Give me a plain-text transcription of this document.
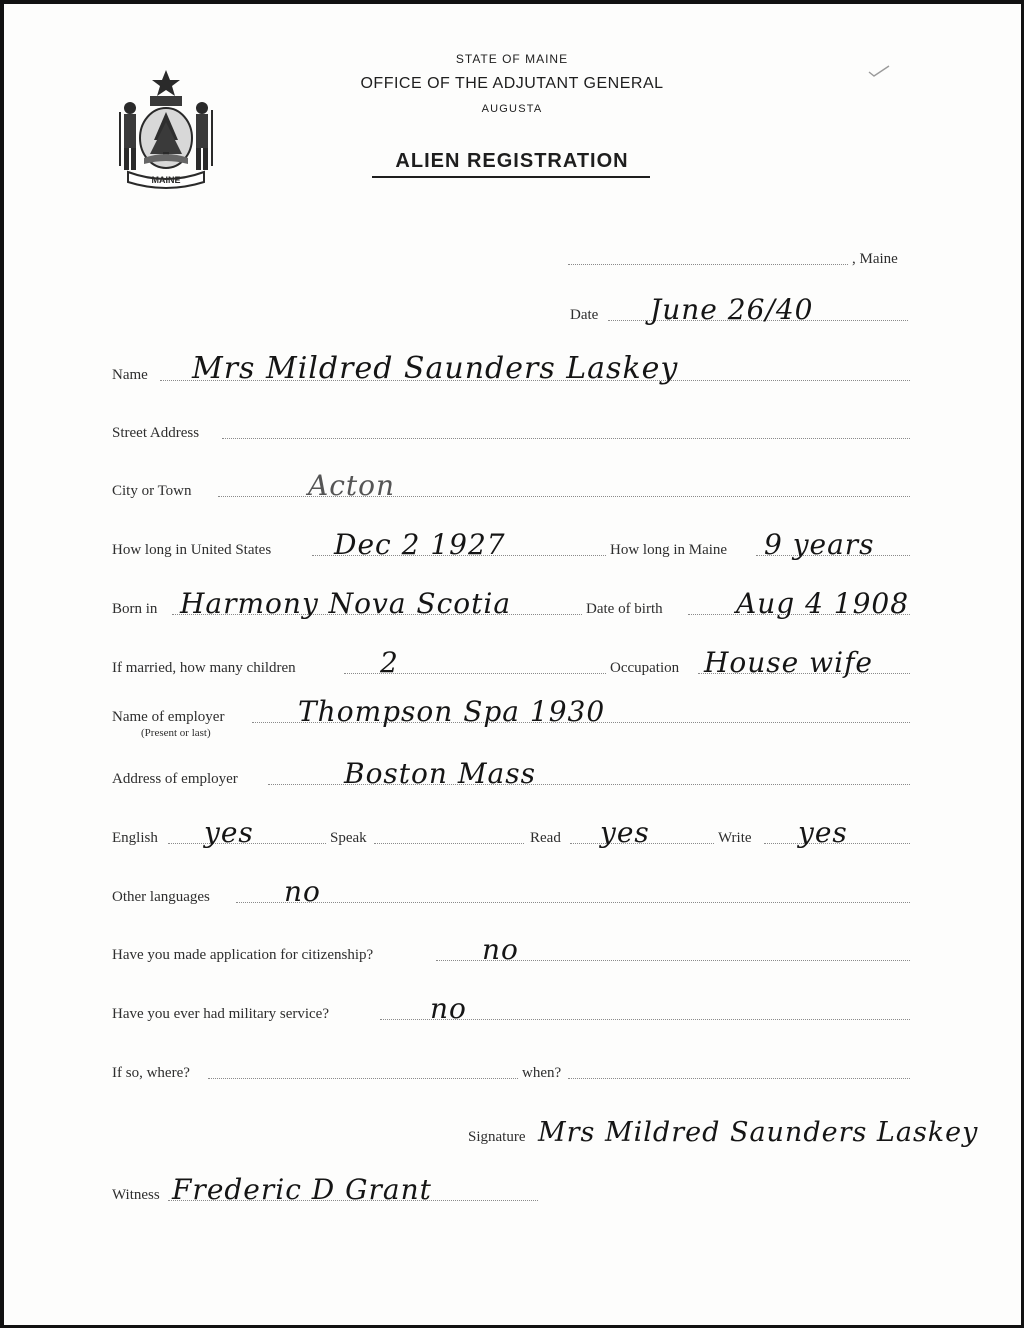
MAINE
STATE OF MAINE
OFFICE OF THE ADJUTANT GENERAL
AUGUSTA
ALIEN REGISTRATION
, Maine
Date June 26/40
Name Mrs Mildred Saunders Laskey
Street Address
City or Town	Acton
How long in United States Dec 2 1927	How long in Maine 9 years
Born in Harmony Nova Scotia	Date of birth	Aug 4 1908
If married, how many children	2	Occupation House wife
Name of employer	Thompson Spa 1930
(Present or last)
Address of employer	Boston Mass
English yes	Speak	Read yes	Write yes
Other languages	no
Have you made application for citizenship?	no
Have you ever had military service?	no
If so, where?	when?
Signature Mrs Mildred Saunders Laskey
Witness Frederic D Grant
